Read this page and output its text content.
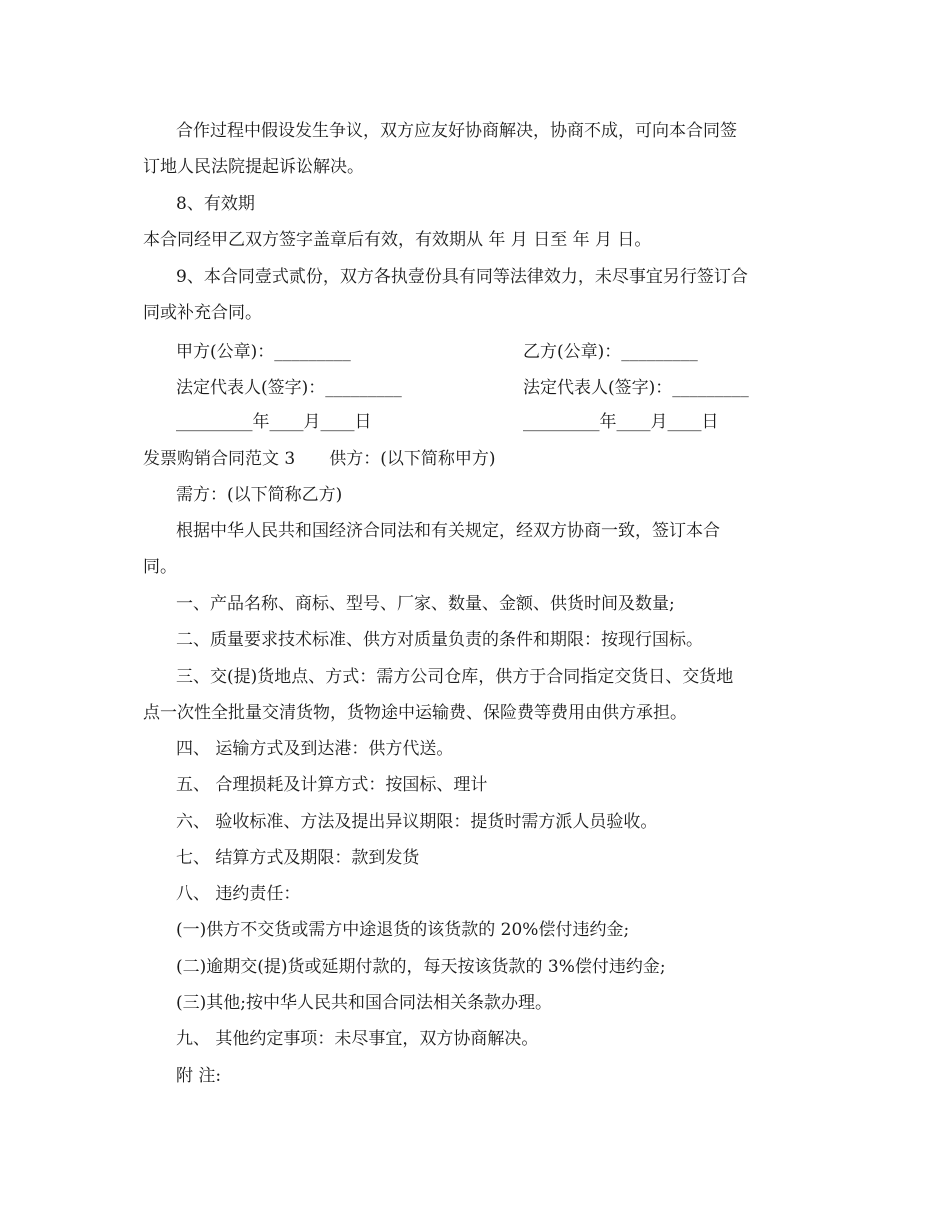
合作过程中假设发生争议，双方应友好协商解决，协商不成，可向本合同签
订地人民法院提起诉讼解决。
8、有效期
本合同经甲乙双方签字盖章后有效，有效期从 年 月 日至 年 月 日。
9、本合同壹式贰份，双方各执壹份具有同等法律效力，未尽事宜另行签订合
同或补充合同。
甲方(公章)：_________	乙方(公章)：_________
法定代表人(签字)：_________	法定代表人(签字)：_________
_________年____月____日	_________年____月____日
发票购销合同范文 3　　供方：(以下简称甲方)
需方：(以下简称乙方)
根据中华人民共和国经济合同法和有关规定，经双方协商一致，签订本合
同。
一、产品名称、商标、型号、厂家、数量、金额、供货时间及数量;
二、质量要求技术标准、供方对质量负责的条件和期限：按现行国标。
三、交(提)货地点、方式：需方公司仓库，供方于合同指定交货日、交货地
点一次性全批量交清货物，货物途中运输费、保险费等费用由供方承担。
四、 运输方式及到达港：供方代送。
五、 合理损耗及计算方式：按国标、理计
六、 验收标准、方法及提出异议期限：提货时需方派人员验收。
七、 结算方式及期限：款到发货
八、 违约责任：
(一)供方不交货或需方中途退货的该货款的 20%偿付违约金;
(二)逾期交(提)货或延期付款的，每天按该货款的 3%偿付违约金;
(三)其他;按中华人民共和国合同法相关条款办理。
九、 其他约定事项：未尽事宜，双方协商解决。
附 注:
